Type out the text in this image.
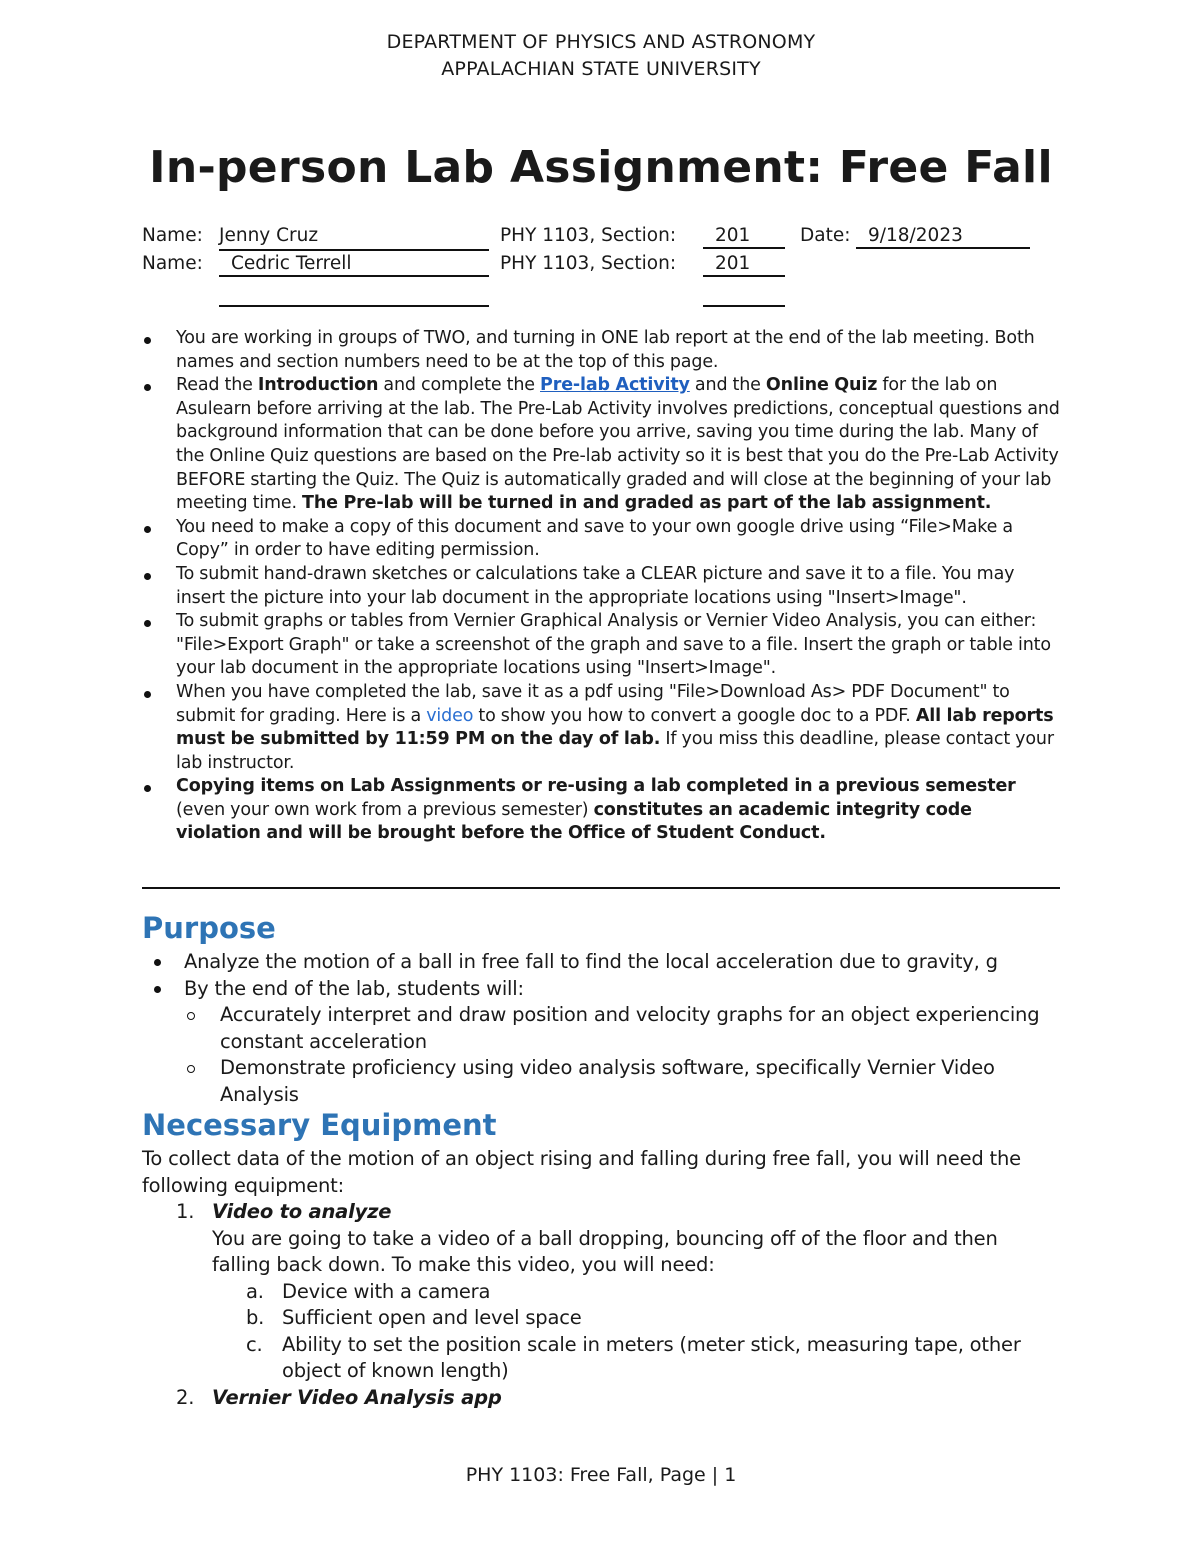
DEPARTMENT OF PHYSICS AND ASTRONOMY
APPALACHIAN STATE UNIVERSITY
In-person Lab Assignment: Free Fall
Name: Jenny Cruz	PHY 1103, Section:	201	Date: 9/18/2023
Name:	Cedric Terrell	PHY 1103, Section:	201
You are working in groups of TWO, and turning in ONE lab report at the end of the lab meeting. Both names and section numbers need to be at the top of this page.
Read the Introduction and complete the Pre-lab Activity and the Online Quiz for the lab on Asulearn before arriving at the lab. The Pre-Lab Activity involves predictions, conceptual questions and background information that can be done before you arrive, saving you time during the lab. Many of the Online Quiz questions are based on the Pre-lab activity so it is best that you do the Pre-Lab Activity BEFORE starting the Quiz. The Quiz is automatically graded and will close at the beginning of your lab meeting time. The Pre-lab will be turned in and graded as part of the lab assignment.
You need to make a copy of this document and save to your own google drive using “File>Make a Copy” in order to have editing permission.
To submit hand-drawn sketches or calculations take a CLEAR picture and save it to a file. You may insert the picture into your lab document in the appropriate locations using "Insert>Image".
To submit graphs or tables from Vernier Graphical Analysis or Vernier Video Analysis, you can either: "File>Export Graph" or take a screenshot of the graph and save to a file. Insert the graph or table into your lab document in the appropriate locations using "Insert>Image".
When you have completed the lab, save it as a pdf using "File>Download As> PDF Document" to submit for grading. Here is a video to show you how to convert a google doc to a PDF. All lab reports must be submitted by 11:59 PM on the day of lab. If you miss this deadline, please contact your lab instructor.
Copying items on Lab Assignments or re-using a lab completed in a previous semester (even your own work from a previous semester) constitutes an academic integrity code violation and will be brought before the Office of Student Conduct.
Purpose
Analyze the motion of a ball in free fall to find the local acceleration due to gravity, g
By the end of the lab, students will:
Accurately interpret and draw position and velocity graphs for an object experiencing constant acceleration
Demonstrate proficiency using video analysis software, specifically Vernier Video Analysis
Necessary Equipment
To collect data of the motion of an object rising and falling during free fall, you will need the following equipment:
1. Video to analyze
You are going to take a video of a ball dropping, bouncing off of the floor and then falling back down. To make this video, you will need:
a. Device with a camera
b. Sufficient open and level space
c. Ability to set the position scale in meters (meter stick, measuring tape, other object of known length)
2. Vernier Video Analysis app
PHY 1103: Free Fall, Page | 1
